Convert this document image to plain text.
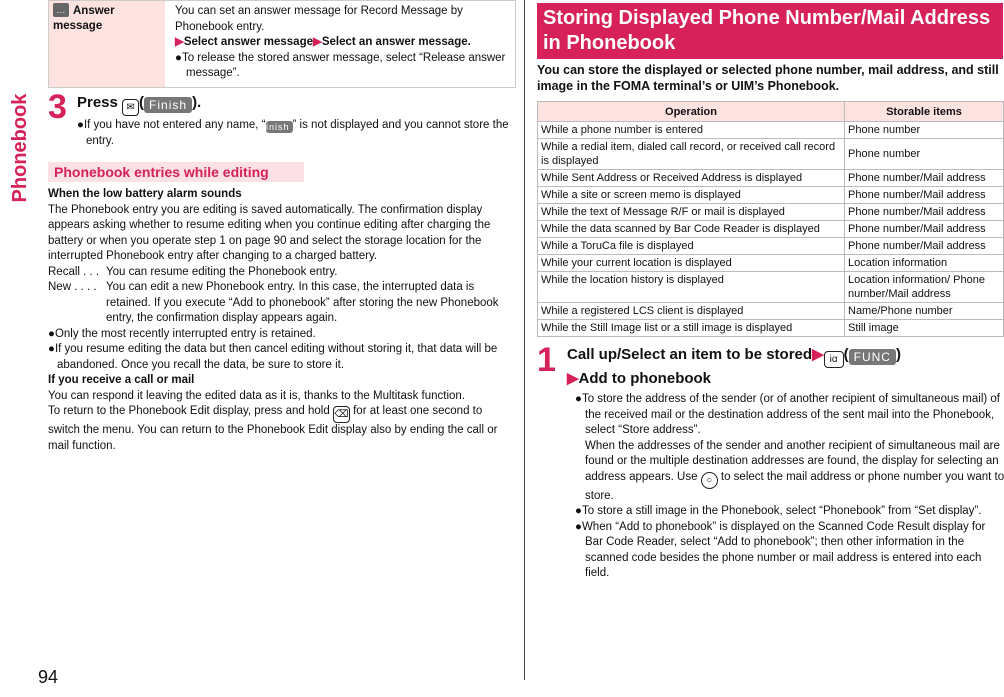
Phonebook
94
… Answer message
You can set an answer message for Record Message by Phonebook entry.
▶Select answer message▶Select an answer message.
●To release the stored answer message, select “Release answer message”.
3 Press ✉ ( Finish ).
●If you have not entered any name, “Finish ” is not displayed and you cannot store the entry.
Phonebook entries while editing
When the low battery alarm sounds
The Phonebook entry you are editing is saved automatically. The confirmation display appears asking whether to resume editing when you continue editing after charging the battery or when you operate step 1 on page 90 and select the storage location for the interrupted Phonebook entry after changing to a charged battery.
Recall . . . You can resume editing the Phonebook entry.
New . . . . You can edit a new Phonebook entry. In this case, the interrupted data is retained. If you execute “Add to phonebook” after storing the new Phonebook entry, the confirmation display appears again.
●Only the most recently interrupted entry is retained.
●If you resume editing the data but then cancel editing without storing it, that data will be abandoned. Once you recall the data, be sure to store it.
If you receive a call or mail
You can respond it leaving the edited data as it is, thanks to the Multitask function.
To return to the Phonebook Edit display, press and hold ⌫ for at least one second to switch the menu. You can return to the Phonebook Edit display also by ending the call or mail function.
Storing Displayed Phone Number/Mail Address in Phonebook
You can store the displayed or selected phone number, mail address, and still image in the FOMA terminal’s or UIM’s Phonebook.
Operation	Storable items
While a phone number is entered	Phone number
While a redial item, dialed call record, or received call record is displayed	Phone number
While Sent Address or Received Address is displayed	Phone number/Mail address
While a site or screen memo is displayed	Phone number/Mail address
While the text of Message R/F or mail is displayed	Phone number/Mail address
While the data scanned by Bar Code Reader is displayed	Phone number/Mail address
While a ToruCa file is displayed	Phone number/Mail address
While your current location is displayed	Location information
While the location history is displayed	Location information/ Phone number/Mail address
While a registered LCS client is displayed	Name/Phone number
While the Still Image list or a still image is displayed	Still image
1 Call up/Select an item to be stored▶ iα ( FUNC )
▶Add to phonebook
●To store the address of the sender (or of another recipient of simultaneous mail) of the received mail or the destination address of the sent mail into the Phonebook, select “Store address”.
When the addresses of the sender and another recipient of simultaneous mail are found or the multiple destination addresses are found, the display for selecting an address appears. Use ○ to select the mail address or phone number you want to store.
●To store a still image in the Phonebook, select “Phonebook” from “Set display”.
●When “Add to phonebook” is displayed on the Scanned Code Result display for Bar Code Reader, select “Add to phonebook”; then other information in the scanned code besides the phone number or mail address is entered into each field.
